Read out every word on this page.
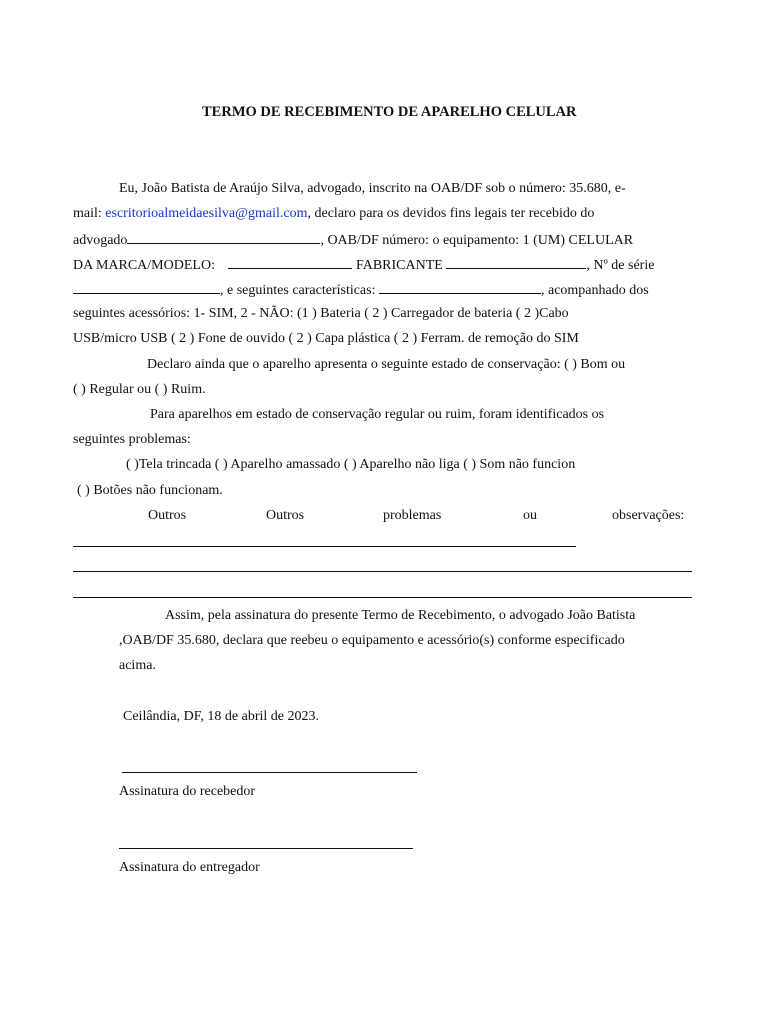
TERMO DE RECEBIMENTO DE APARELHO CELULAR
Eu, João Batista de Araújo Silva, advogado, inscrito na OAB/DF sob o número: 35.680, e-
mail: escritorioalmeidaesilva@gmail.com, declaro para os devidos fins legais ter recebido do
advogado	, OAB/DF número: o equipamento: 1 (UM) CELULAR
DA MARCA/MODELO:	FABRICANTE	, Nº de série
, e seguintes características:	, acompanhado dos
seguintes acessórios: 1- SIM, 2 - NÃO: (1 ) Bateria ( 2 ) Carregador de bateria ( 2 )Cabo
USB/micro USB ( 2 ) Fone de ouvido ( 2 ) Capa plástica ( 2 ) Ferram. de remoção do SIM
Declaro ainda que o aparelho apresenta o seguinte estado de conservação: ( ) Bom ou
( ) Regular ou ( ) Ruim.
Para aparelhos em estado de conservação regular ou ruim, foram identificados os
seguintes problemas:
( )Tela trincada ( ) Aparelho amassado ( ) Aparelho não liga ( ) Som não funcion
( ) Botões não funcionam.
Outros	Outros	problemas	ou	observações:
Assim, pela assinatura do presente Termo de Recebimento, o advogado João Batista
,OAB/DF 35.680, declara que reebeu o equipamento e acessório(s) conforme especificado
acima.
Ceilândia, DF, 18 de abril de 2023.
Assinatura do recebedor
Assinatura do entregador
